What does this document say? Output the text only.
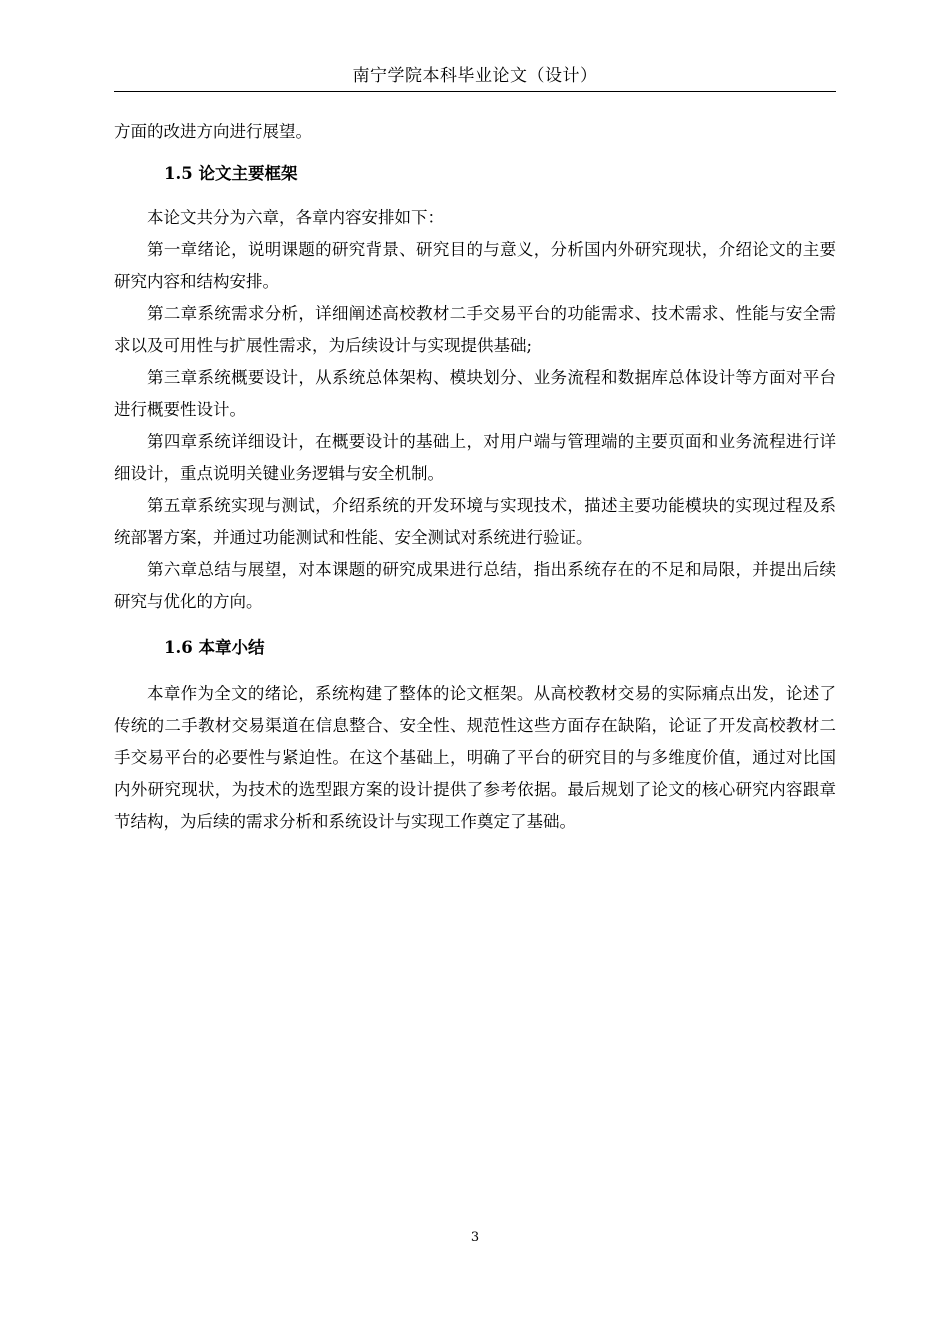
南宁学院本科毕业论文（设计）

方面的改进方向进行展望。

1.5 论文主要框架

本论文共分为六章，各章内容安排如下：

第一章绪论，说明课题的研究背景、研究目的与意义，分析国内外研究现状，介绍论文的主要研究内容和结构安排。

第二章系统需求分析，详细阐述高校教材二手交易平台的功能需求、技术需求、性能与安全需求以及可用性与扩展性需求，为后续设计与实现提供基础;

第三章系统概要设计，从系统总体架构、模块划分、业务流程和数据库总体设计等方面对平台进行概要性设计。

第四章系统详细设计，在概要设计的基础上，对用户端与管理端的主要页面和业务流程进行详细设计，重点说明关键业务逻辑与安全机制。

第五章系统实现与测试，介绍系统的开发环境与实现技术，描述主要功能模块的实现过程及系统部署方案，并通过功能测试和性能、安全测试对系统进行验证。

第六章总结与展望，对本课题的研究成果进行总结，指出系统存在的不足和局限，并提出后续研究与优化的方向。

1.6 本章小结

本章作为全文的绪论，系统构建了整体的论文框架。从高校教材交易的实际痛点出发，论述了传统的二手教材交易渠道在信息整合、安全性、规范性这些方面存在缺陷，论证了开发高校教材二手交易平台的必要性与紧迫性。在这个基础上，明确了平台的研究目的与多维度价值，通过对比国内外研究现状，为技术的选型跟方案的设计提供了参考依据。最后规划了论文的核心研究内容跟章节结构，为后续的需求分析和系统设计与实现工作奠定了基础。

3
